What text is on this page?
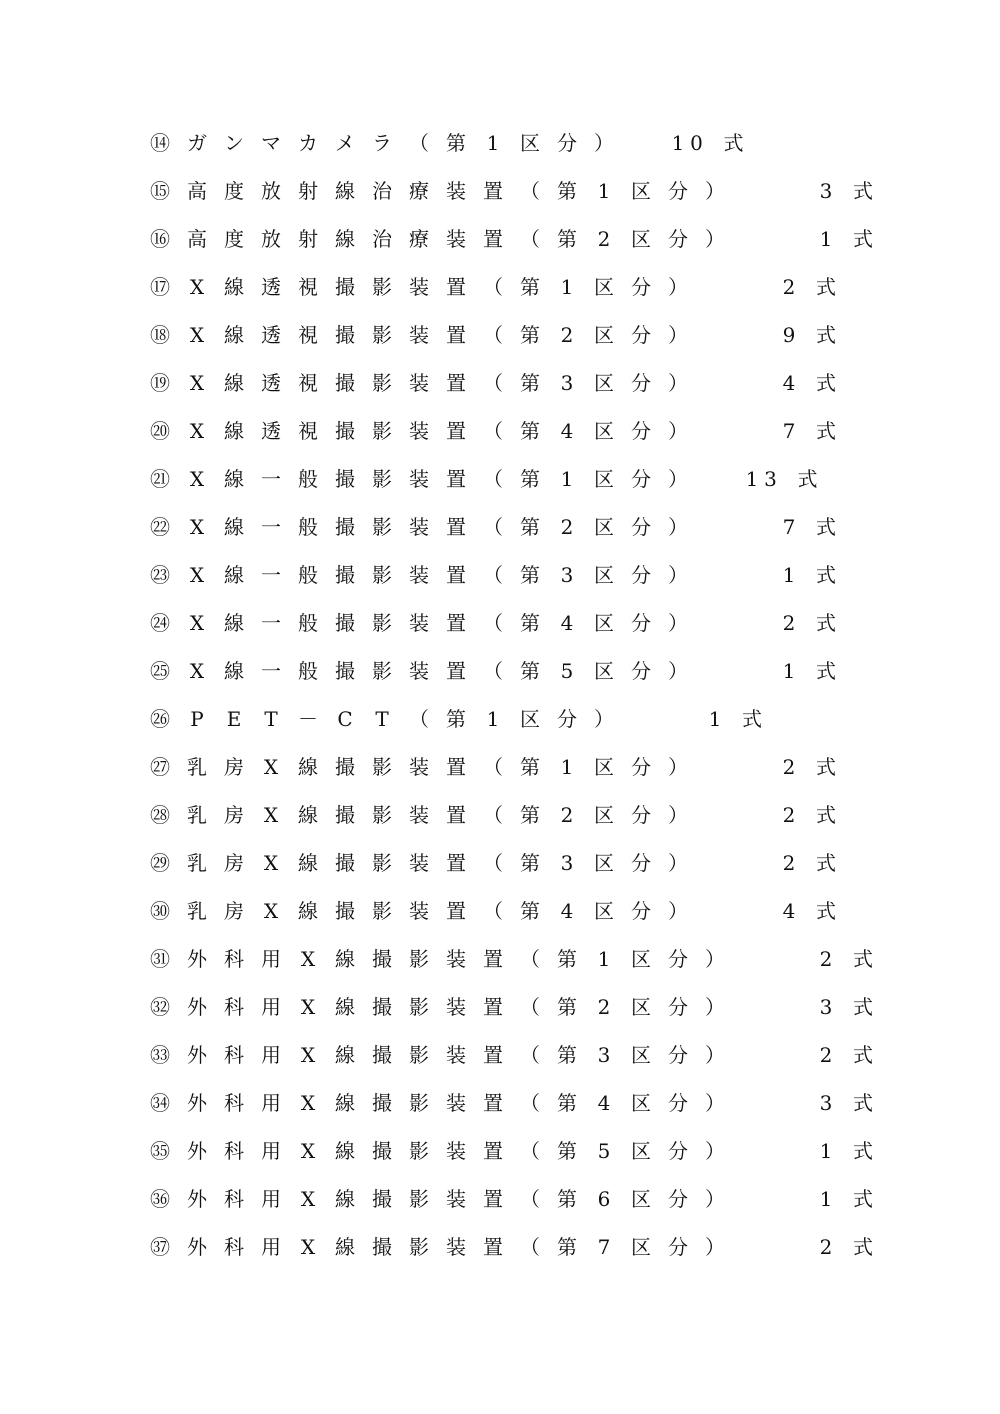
⑭ ガ ン マ カ メ ラ （ 第	1	区 分 ）	1 0	式
⑮ 高 度 放 射 線 治 療 装 置 （ 第	1	区 分 ）	3	式
⑯ 高 度 放 射 線 治 療 装 置 （ 第	2	区 分 ）	1	式
⑰ X 線 透 視 撮 影 装 置 （ 第	1	区 分 ）	2	式
⑱ X 線 透 視 撮 影 装 置 （ 第	2	区 分 ）	9	式
⑲ X 線 透 視 撮 影 装 置 （ 第	3	区 分 ）	4	式
⑳ X 線 透 視 撮 影 装 置 （ 第	4	区 分 ）	7	式
㉑ X 線 一 般 撮 影 装 置 （ 第	1	区 分 ）	1 3	式
㉒ X 線 一 般 撮 影 装 置 （ 第	2	区 分 ）	7	式
㉓ X 線 一 般 撮 影 装 置 （ 第	3	区 分 ）	1	式
㉔ X 線 一 般 撮 影 装 置 （ 第	4	区 分 ）	2	式
㉕ X 線 一 般 撮 影 装 置 （ 第	5	区 分 ）	1	式
㉖	P	E	T	－ C	T	（ 第	1	区 分 ）	1	式
㉗ 乳 房 X 線 撮 影 装 置 （ 第	1	区 分 ）	2	式
㉘ 乳 房 X 線 撮 影 装 置 （ 第	2	区 分 ）	2	式
㉙ 乳 房 X 線 撮 影 装 置 （ 第	3	区 分 ）	2	式
㉚ 乳 房 X 線 撮 影 装 置 （ 第	4	区 分 ）	4	式
㉛ 外 科 用 X 線 撮 影 装 置 （ 第	1	区 分 ）	2	式
㉜ 外 科 用 X 線 撮 影 装 置 （ 第	2	区 分 ）	3	式
㉝ 外 科 用 X 線 撮 影 装 置 （ 第	3	区 分 ）	2	式
㉞ 外 科 用 X 線 撮 影 装 置 （ 第	4	区 分 ）	3	式
㉟ 外 科 用 X 線 撮 影 装 置 （ 第	5	区 分 ）	1	式
㊱ 外 科 用 X 線 撮 影 装 置 （ 第	6	区 分 ）	1	式
㊲ 外 科 用 X 線 撮 影 装 置 （ 第	7	区 分 ）	2	式
